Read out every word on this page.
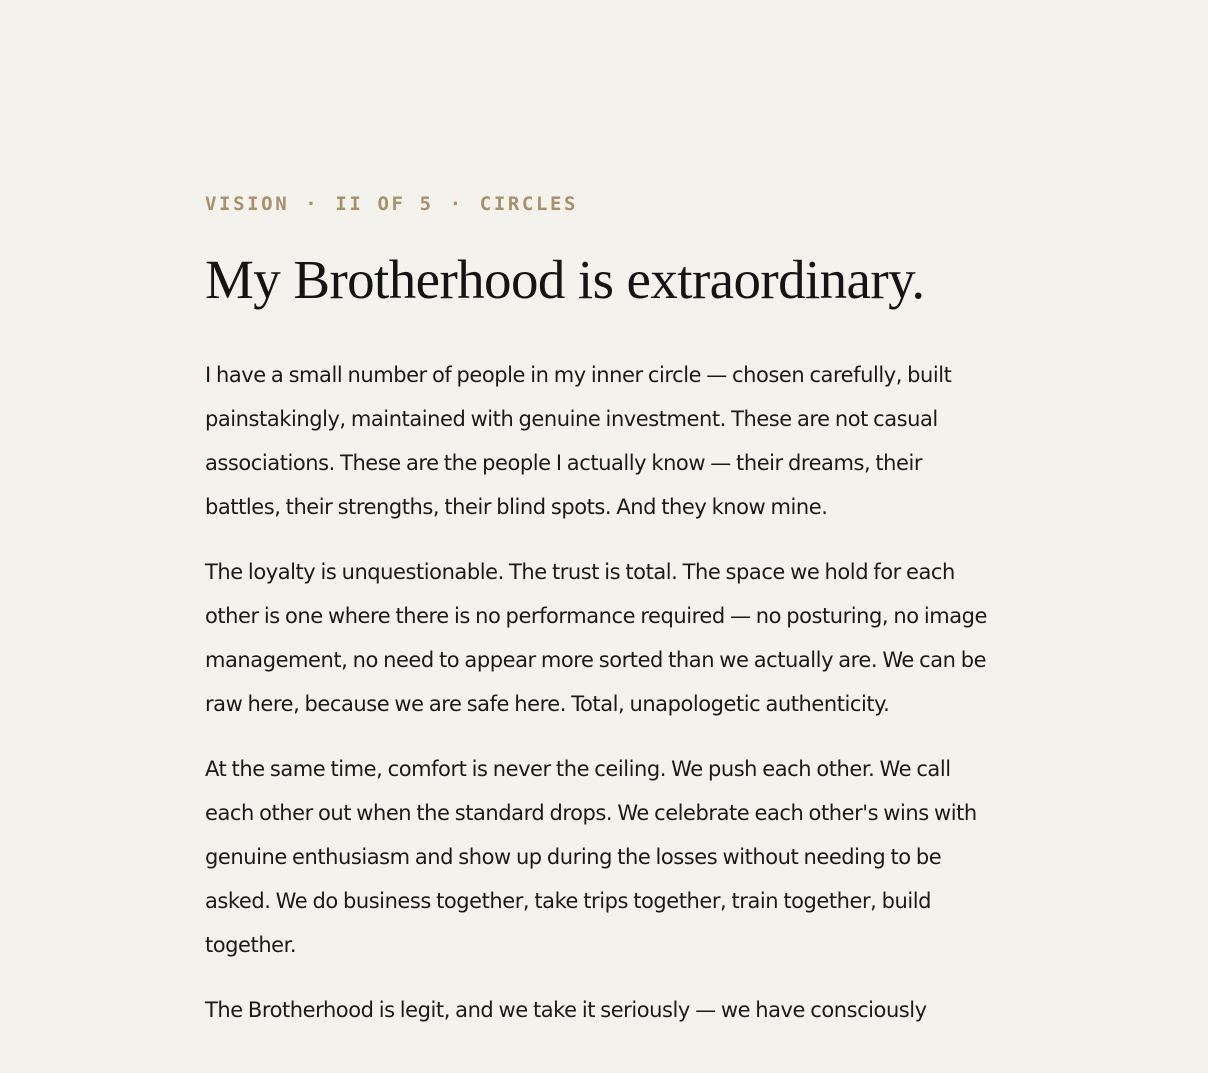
VISION · II OF 5 · CIRCLES
My Brotherhood is extraordinary.

I have a small number of people in my inner circle — chosen carefully, built painstakingly, maintained with genuine investment. These are not casual associations. These are the people I actually know — their dreams, their battles, their strengths, their blind spots. And they know mine.

The loyalty is unquestionable. The trust is total. The space we hold for each other is one where there is no performance required — no posturing, no image management, no need to appear more sorted than we actually are. We can be raw here, because we are safe here. Total, unapologetic authenticity.

At the same time, comfort is never the ceiling. We push each other. We call each other out when the standard drops. We celebrate each other's wins with genuine enthusiasm and show up during the losses without needing to be asked. We do business together, take trips together, train together, build together.

The Brotherhood is legit, and we take it seriously — we have consciously
